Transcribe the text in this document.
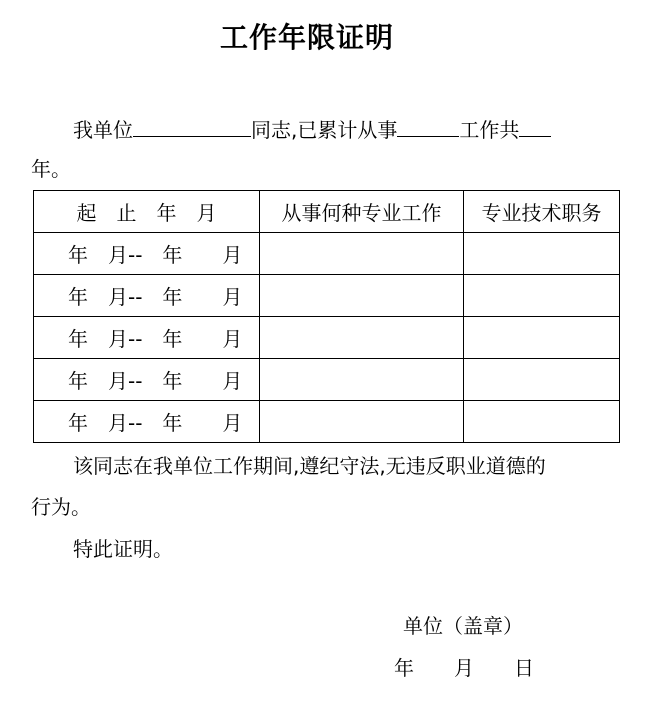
工作年限证明
我单位	同志,已累计从事	工作共
年。
起　止　年　月	从事何种专业工作	专业技术职务
年　月--　年　　月		
年　月--　年　　月		
年　月--　年　　月		
年　月--　年　　月		
年　月--　年　　月		
该同志在我单位工作期间,遵纪守法,无违反职业道德的
行为。
特此证明。
单位（盖章）
年　　月　　日
